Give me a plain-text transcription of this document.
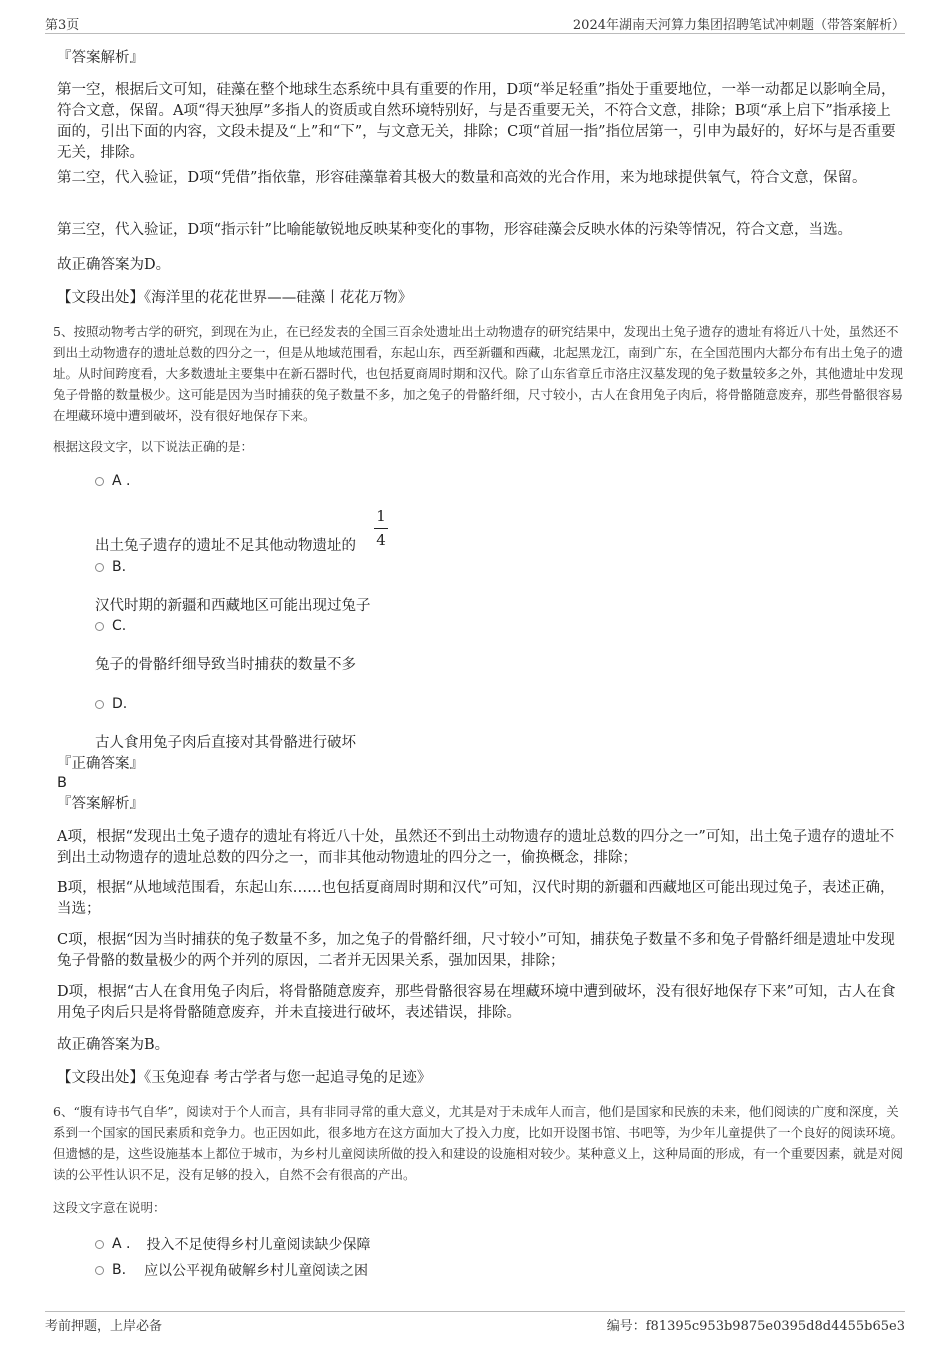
第3页	2024年湖南天河算力集团招聘笔试冲刺题（带答案解析）
『答案解析』
第一空，根据后文可知，硅藻在整个地球生态系统中具有重要的作用，D项“举足轻重”指处于重要地位，一举一动都足以影响全局，符合文意，保留。A项“得天独厚”多指人的资质或自然环境特别好，与是否重要无关，不符合文意，排除；B项“承上启下”指承接上面的，引出下面的内容，文段未提及“上”和“下”，与文意无关，排除；C项“首屈一指”指位居第一，引申为最好的，好坏与是否重要无关，排除。
第二空，代入验证，D项“凭借”指依靠，形容硅藻靠着其极大的数量和高效的光合作用，来为地球提供氧气，符合文意，保留。
第三空，代入验证，D项“指示针”比喻能敏锐地反映某种变化的事物，形容硅藻会反映水体的污染等情况，符合文意，当选。
故正确答案为D。
【文段出处】《海洋里的花花世界——硅藻丨花花万物》
5、按照动物考古学的研究，到现在为止，在已经发表的全国三百余处遗址出土动物遗存的研究结果中，发现出土兔子遗存的遗址有将近八十处，虽然还不到出土动物遗存的遗址总数的四分之一，但是从地域范围看，东起山东，西至新疆和西藏，北起黑龙江，南到广东，在全国范围内大都分布有出土兔子的遗址。从时间跨度看，大多数遗址主要集中在新石器时代，也包括夏商周时期和汉代。除了山东省章丘市洛庄汉墓发现的兔子数量较多之外，其他遗址中发现兔子骨骼的数量极少。这可能是因为当时捕获的兔子数量不多，加之兔子的骨骼纤细，尺寸较小，古人在食用兔子肉后，将骨骼随意废弃，那些骨骼很容易在埋藏环境中遭到破坏，没有很好地保存下来。
根据这段文字，以下说法正确的是：
A .
1
4
出土兔子遗存的遗址不足其他动物遗址的
B.
汉代时期的新疆和西藏地区可能出现过兔子
C.
兔子的骨骼纤细导致当时捕获的数量不多
D.
古人食用兔子肉后直接对其骨骼进行破坏
『正确答案』
B
『答案解析』
A项，根据“发现出土兔子遗存的遗址有将近八十处，虽然还不到出土动物遗存的遗址总数的四分之一”可知，出土兔子遗存的遗址不到出土动物遗存的遗址总数的四分之一，而非其他动物遗址的四分之一，偷换概念，排除；
B项，根据“从地域范围看，东起山东……也包括夏商周时期和汉代”可知，汉代时期的新疆和西藏地区可能出现过兔子，表述正确，当选；
C项，根据“因为当时捕获的兔子数量不多，加之兔子的骨骼纤细，尺寸较小”可知，捕获兔子数量不多和兔子骨骼纤细是遗址中发现兔子骨骼的数量极少的两个并列的原因，二者并无因果关系，强加因果，排除；
D项，根据“古人在食用兔子肉后，将骨骼随意废弃，那些骨骼很容易在埋藏环境中遭到破坏，没有很好地保存下来”可知，古人在食用兔子肉后只是将骨骼随意废弃，并未直接进行破坏，表述错误，排除。
故正确答案为B。
【文段出处】《玉兔迎春 考古学者与您一起追寻兔的足迹》
6、“腹有诗书气自华”，阅读对于个人而言，具有非同寻常的重大意义，尤其是对于未成年人而言，他们是国家和民族的未来，他们阅读的广度和深度，关系到一个国家的国民素质和竞争力。也正因如此，很多地方在这方面加大了投入力度，比如开设图书馆、书吧等，为少年儿童提供了一个良好的阅读环境。但遗憾的是，这些设施基本上都位于城市，为乡村儿童阅读所做的投入和建设的设施相对较少。某种意义上，这种局面的形成，有一个重要因素，就是对阅读的公平性认识不足，没有足够的投入，自然不会有很高的产出。
这段文字意在说明：
A . 投入不足使得乡村儿童阅读缺少保障
B. 应以公平视角破解乡村儿童阅读之困
考前押题，上岸必备	编号：f81395c953b9875e0395d8d4455b65e3
